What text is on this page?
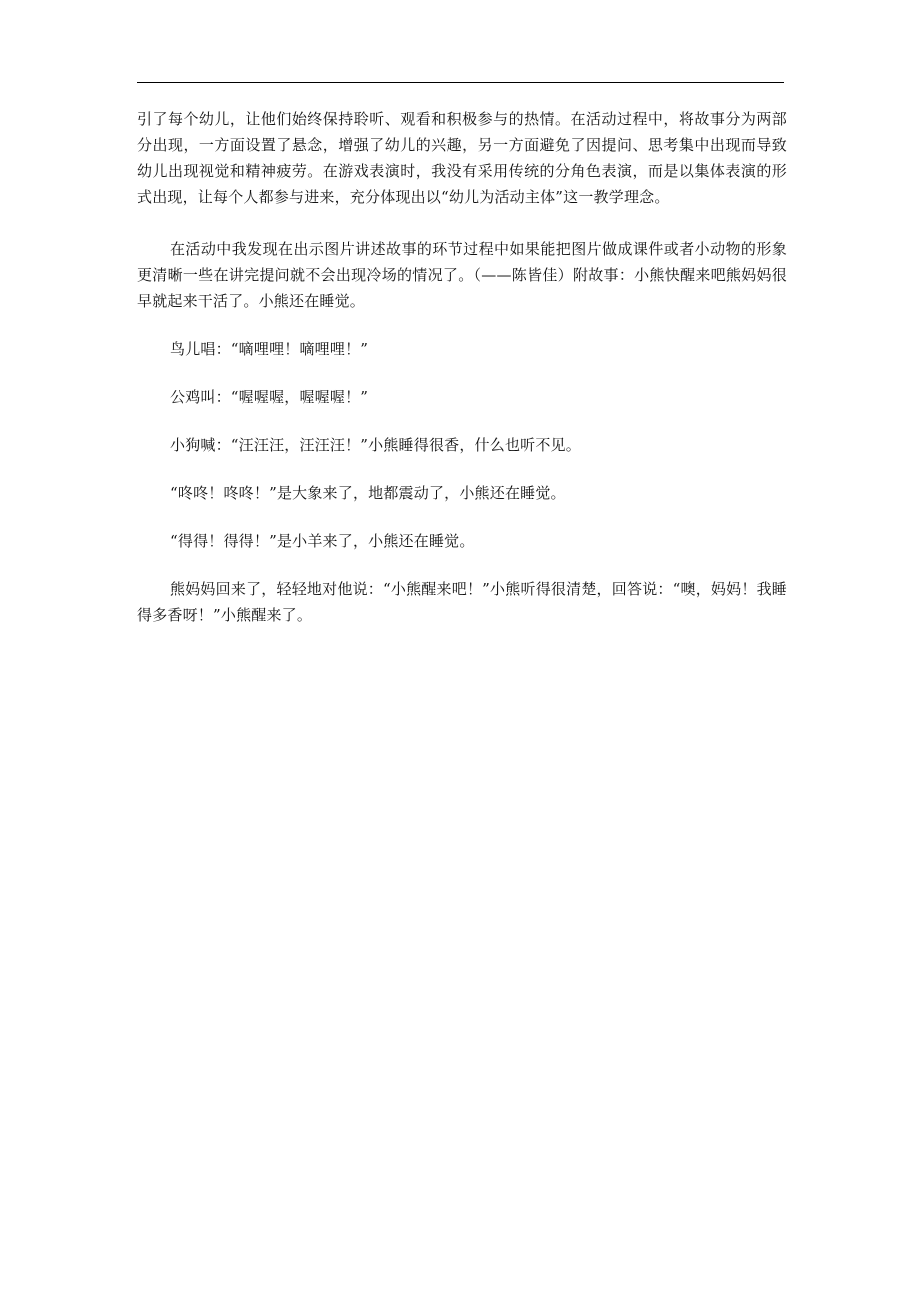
引了每个幼儿，让他们始终保持聆听、观看和积极参与的热情。在活动过程中，将故事分为两部分出现，一方面设置了悬念，增强了幼儿的兴趣，另一方面避免了因提问、思考集中出现而导致幼儿出现视觉和精神疲劳。在游戏表演时，我没有采用传统的分角色表演，而是以集体表演的形式出现，让每个人都参与进来，充分体现出以“幼儿为活动主体”这一教学理念。

在活动中我发现在出示图片讲述故事的环节过程中如果能把图片做成课件或者小动物的形象更清晰一些在讲完提问就不会出现冷场的情况了。（——陈皆佳）附故事：小熊快醒来吧熊妈妈很早就起来干活了。小熊还在睡觉。

鸟儿唱：“嘀哩哩！嘀哩哩！”

公鸡叫：“喔喔喔，喔喔喔！”

小狗喊：“汪汪汪，汪汪汪！”小熊睡得很香，什么也听不见。

“咚咚！咚咚！”是大象来了，地都震动了，小熊还在睡觉。

“得得！得得！”是小羊来了，小熊还在睡觉。

熊妈妈回来了，轻轻地对他说：“小熊醒来吧！”小熊听得很清楚，回答说：“噢，妈妈！我睡得多香呀！”小熊醒来了。
